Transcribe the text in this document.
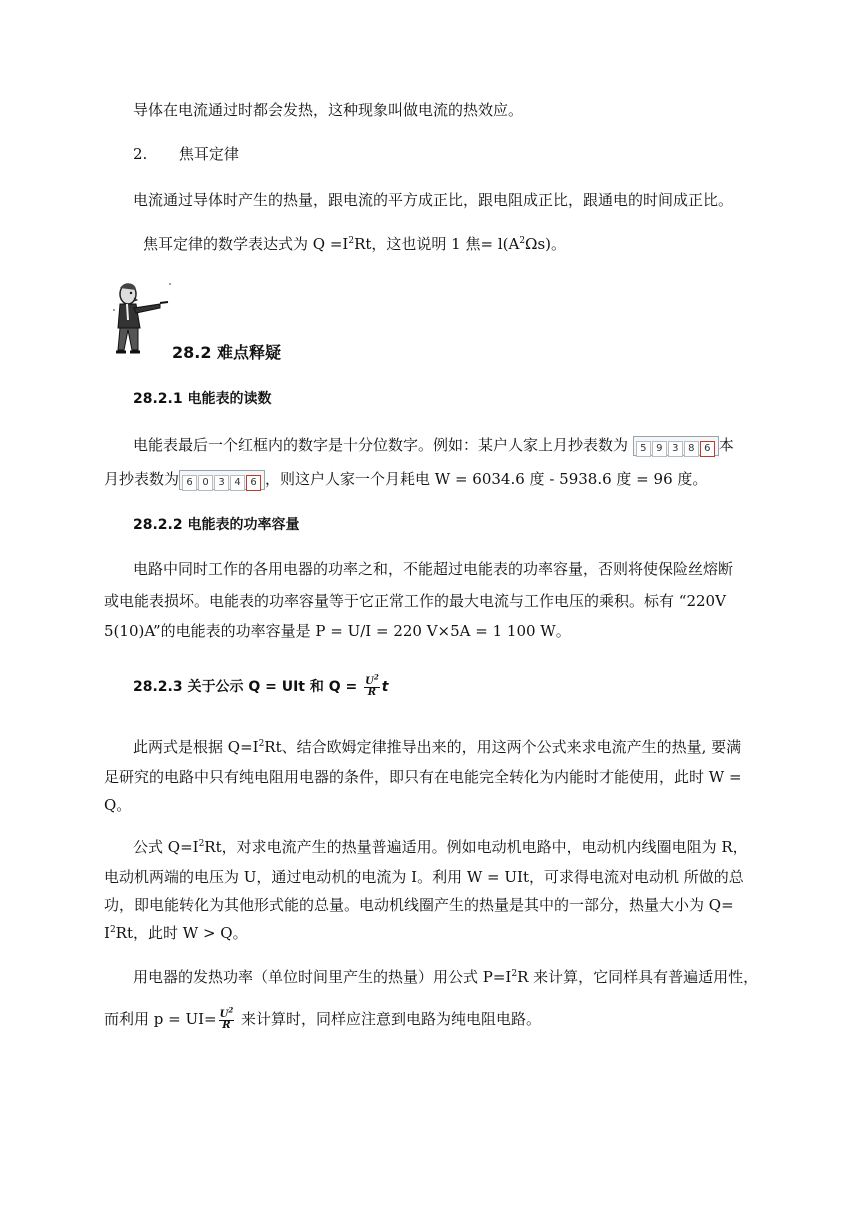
导体在电流通过时都会发热，这种现象叫做电流的热效应。
2. 焦耳定律
电流通过导体时产生的热量，跟电流的平方成正比，跟电阻成正比，跟通电的时间成正比。
焦耳定律的数学表达式为 $Q =I^2Rt$，这也说明 1 焦= $l(A^2\Omega s)$。
28.2 难点释疑
28.2.1 电能表的读数
电能表最后一个红框内的数字是十分位数字。例如：某户人家上月抄表数为 5 9 3 8 6 本
月抄表数为 6 0 3 4 6 ，则这户人家一个月耗电 W = 6034.6 度 - 5938.6 度 = 96 度。
28.2.2 电能表的功率容量
电路中同时工作的各用电器的功率之和，不能超过电能表的功率容量，否则将使保险丝熔断
或电能表损坏。电能表的功率容量等于它正常工作的最大电流与工作电压的乘积。标有 “220V
5(10)A”的电能表的功率容量是 P = U/I = 220 V×5A = 1 100 W。
28.2.3 关于公示 Q = UIt 和 $Q = \frac{U^2}{R}$ t
此两式是根据 $Q=I^2Rt$、结合欧姆定律推导出来的，用这两个公式来求电流产生的热量, 要满
足研究的电路中只有纯电阻用电器的条件，即只有在电能完全转化为内能时才能使用，此时 W =
Q。
公式 $Q=I^2Rt$，对求电流产生的热量普遍适用。例如电动机电路中，电动机内线圈电阻为 R，
电动机两端的电压为 U，通过电动机的电流为 I。利用 W = UIt，可求得电流对电动机 所做的总
功，即电能转化为其他形式能的总量。电动机线圈产生的热量是其中的一部分，热量大小为 Q=
$I^2Rt$，此时 W > Q。
用电器的发热功率（单位时间里产生的热量）用公式 $P=I^2R$ 来计算，它同样具有普遍适用性，
而利用 $p = UI= \frac{U^2}{R}$ 来计算时，同样应注意到电路为纯电阻电路。
